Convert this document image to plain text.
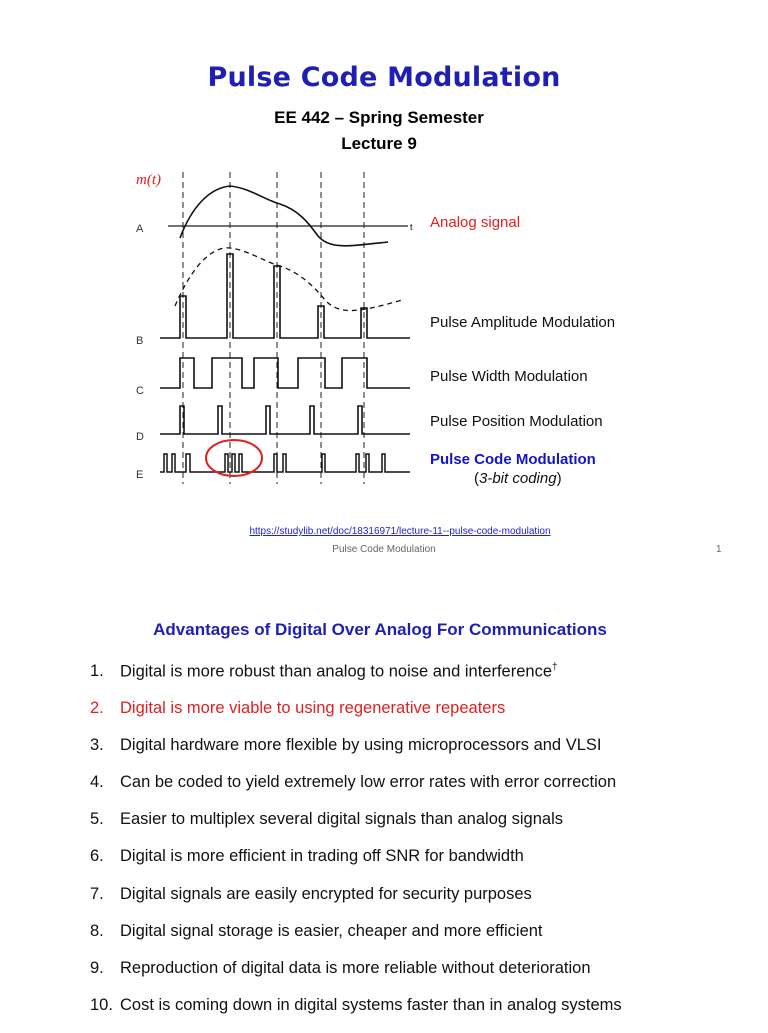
Pulse Code Modulation
EE 442 – Spring Semester
Lecture 9
t
m(t)
A
B
C
D
E
Analog signal
Pulse Amplitude Modulation
Pulse Width Modulation
Pulse Position Modulation
Pulse Code Modulation
(3-bit coding)
https://studylib.net/doc/18316971/lecture-11--pulse-code-modulation
Pulse Code Modulation	1
Advantages of Digital Over Analog For Communications
1. Digital is more robust than analog to noise and interference†
2. Digital is more viable to using regenerative repeaters
3. Digital hardware more flexible by using microprocessors and VLSI
4. Can be coded to yield extremely low error rates with error correction
5. Easier to multiplex several digital signals than analog signals
6. Digital is more efficient in trading off SNR for bandwidth
7. Digital signals are easily encrypted for security purposes
8. Digital signal storage is easier, cheaper and more efficient
9. Reproduction of digital data is more reliable without deterioration
10. Cost is coming down in digital systems faster than in analog systems
